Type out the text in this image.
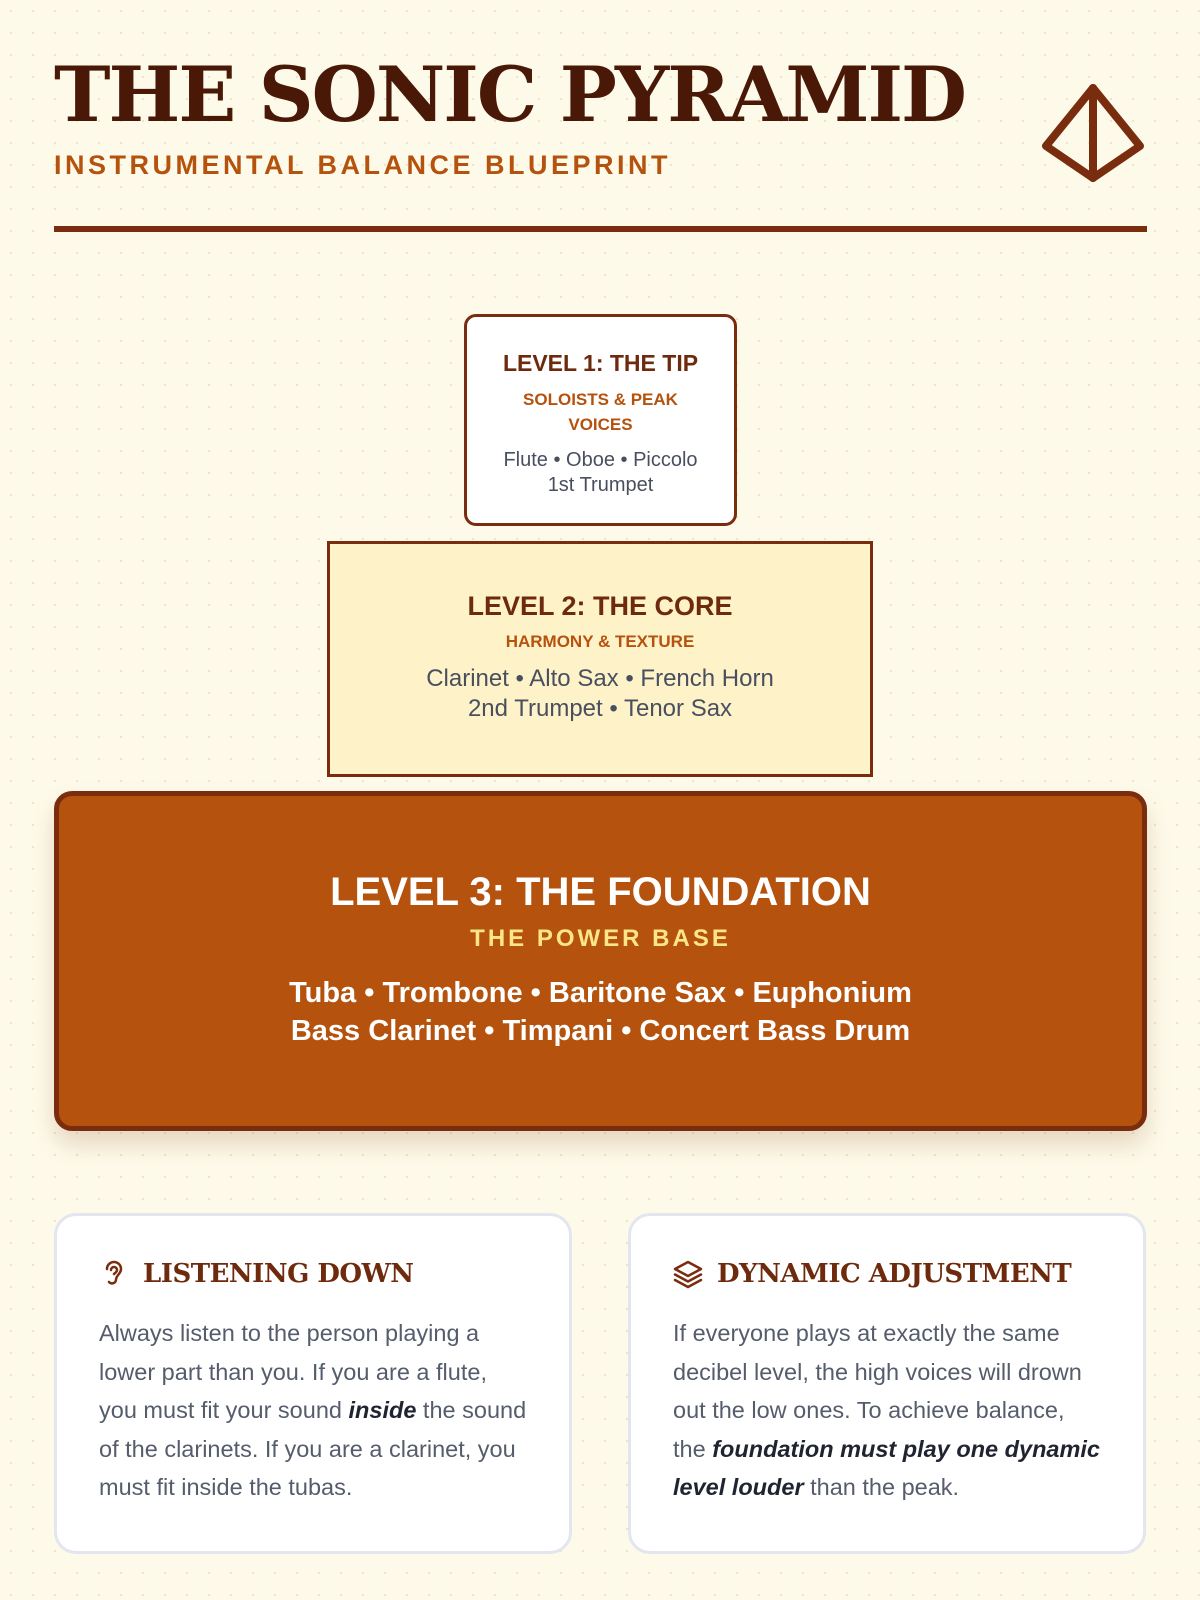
THE SONIC PYRAMID
INSTRUMENTAL BALANCE BLUEPRINT
LEVEL 1: THE TIP
SOLOISTS & PEAK VOICES
Flute • Oboe • Piccolo
1st Trumpet
LEVEL 2: THE CORE
HARMONY & TEXTURE
Clarinet • Alto Sax • French Horn
2nd Trumpet • Tenor Sax
LEVEL 3: THE FOUNDATION
THE POWER BASE
Tuba • Trombone • Baritone Sax • Euphonium
Bass Clarinet • Timpani • Concert Bass Drum
LISTENING DOWN
Always listen to the person playing a lower part than you. If you are a flute, you must fit your sound inside the sound of the clarinets. If you are a clarinet, you must fit inside the tubas.
DYNAMIC ADJUSTMENT
If everyone plays at exactly the same decibel level, the high voices will drown out the low ones. To achieve balance, the foundation must play one dynamic level louder than the peak.
